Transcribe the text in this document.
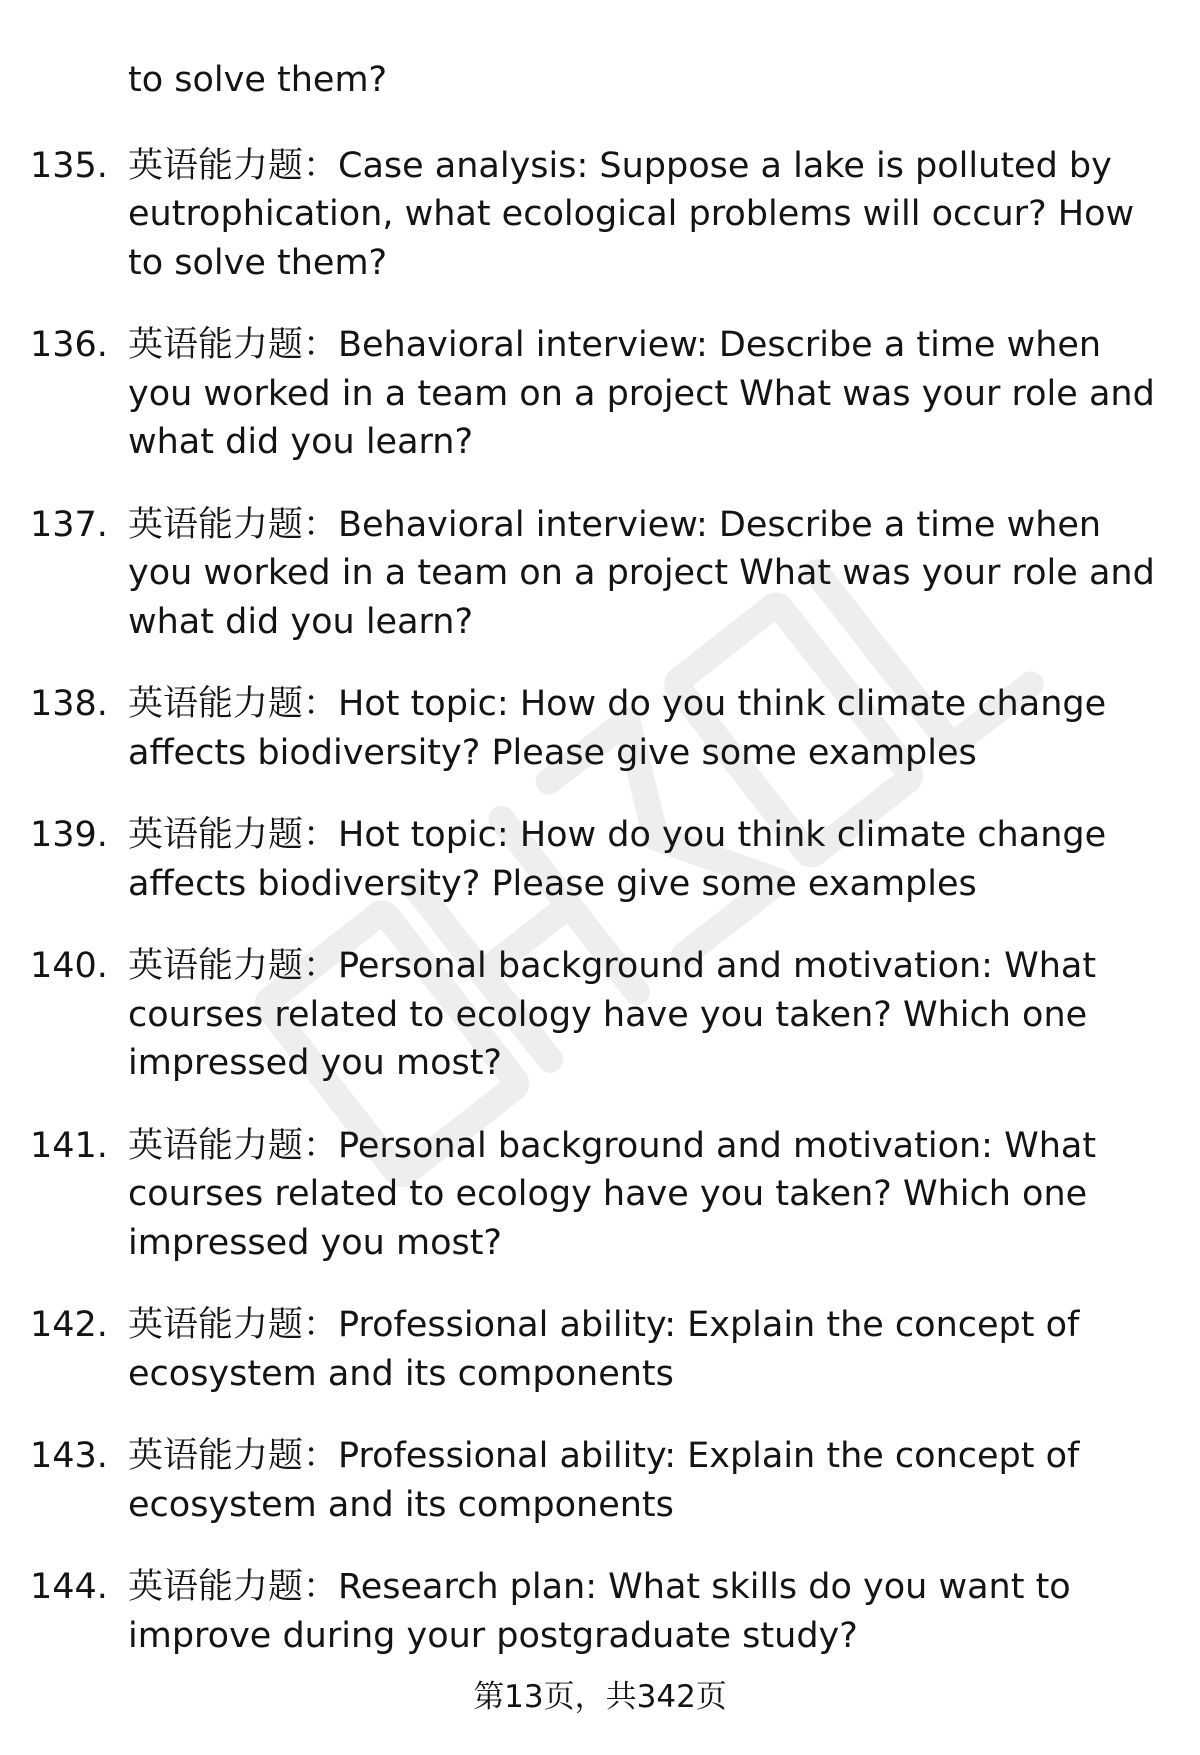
to solve them?
135. 英语能力题：Case analysis: Suppose a lake is polluted by
eutrophication, what ecological problems will occur? How
to solve them?
136. 英语能力题：Behavioral interview: Describe a time when
you worked in a team on a project What was your role and
what did you learn?
137. 英语能力题：Behavioral interview: Describe a time when
you worked in a team on a project What was your role and
what did you learn?
138. 英语能力题：Hot topic: How do you think climate change
affects biodiversity? Please give some examples
139. 英语能力题：Hot topic: How do you think climate change
affects biodiversity? Please give some examples
140. 英语能力题：Personal background and motivation: What
courses related to ecology have you taken? Which one
impressed you most?
141. 英语能力题：Personal background and motivation: What
courses related to ecology have you taken? Which one
impressed you most?
142. 英语能力题：Professional ability: Explain the concept of
ecosystem and its components
143. 英语能力题：Professional ability: Explain the concept of
ecosystem and its components
144. 英语能力题：Research plan: What skills do you want to
improve during your postgraduate study?
第13页，共342页
